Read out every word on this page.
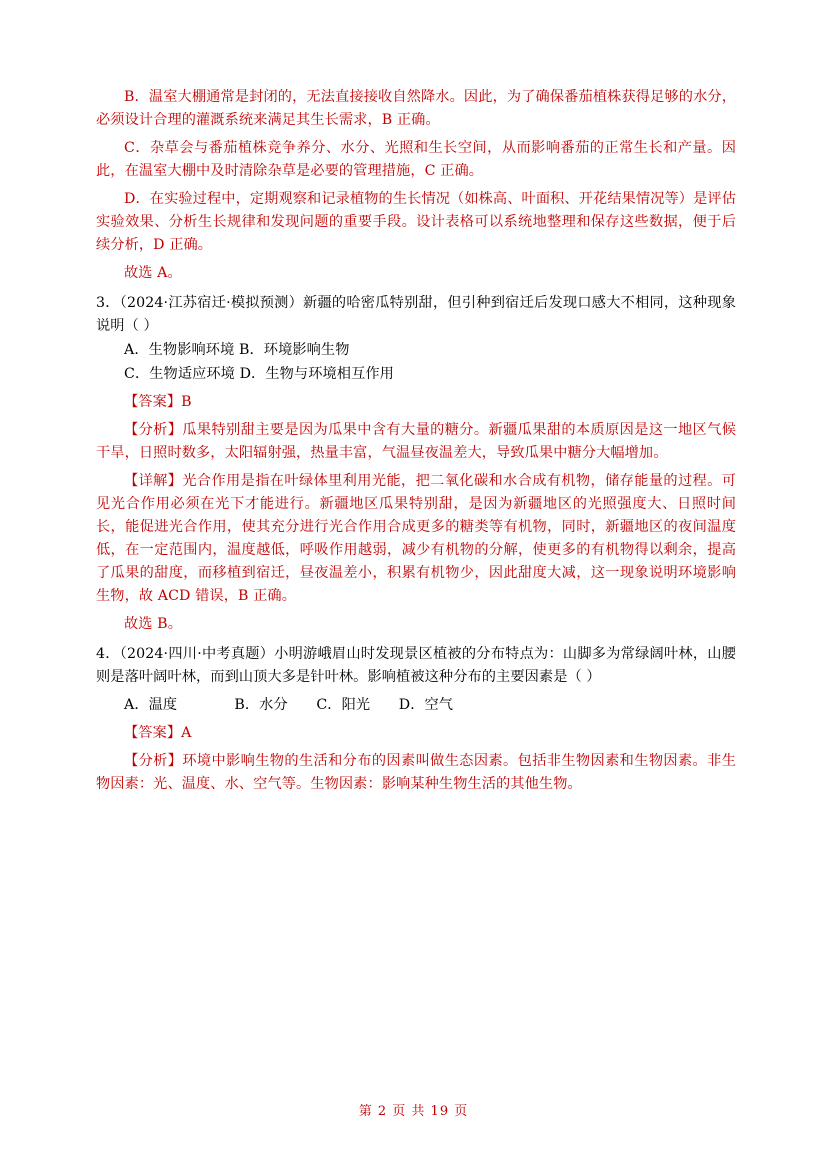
B．温室大棚通常是封闭的，无法直接接收自然降水。因此，为了确保番茄植株获得足够的水分，必须设计合理的灌溉系统来满足其生长需求，B 正确。

C．杂草会与番茄植株竞争养分、水分、光照和生长空间，从而影响番茄的正常生长和产量。因此，在温室大棚中及时清除杂草是必要的管理措施，C 正确。

D．在实验过程中，定期观察和记录植物的生长情况（如株高、叶面积、开花结果情况等）是评估实验效果、分析生长规律和发现问题的重要手段。设计表格可以系统地整理和保存这些数据，便于后续分析，D 正确。

故选 A。

3．（2024·江苏宿迁·模拟预测）新疆的哈密瓜特别甜，但引种到宿迁后发现口感大不相同，这种现象说明（ ）

A．生物影响环境 B．环境影响生物

C．生物适应环境 D．生物与环境相互作用

【答案】B

【分析】瓜果特别甜主要是因为瓜果中含有大量的糖分。新疆瓜果甜的本质原因是这一地区气候干旱，日照时数多，太阳辐射强，热量丰富，气温昼夜温差大，导致瓜果中糖分大幅增加。

【详解】光合作用是指在叶绿体里利用光能，把二氧化碳和水合成有机物，储存能量的过程。可见光合作用必须在光下才能进行。新疆地区瓜果特别甜，是因为新疆地区的光照强度大、日照时间长，能促进光合作用，使其充分进行光合作用合成更多的糖类等有机物，同时，新疆地区的夜间温度低，在一定范围内，温度越低，呼吸作用越弱，减少有机物的分解，使更多的有机物得以剩余，提高了瓜果的甜度，而移植到宿迁，昼夜温差小，积累有机物少，因此甜度大减，这一现象说明环境影响生物，故 ACD 错误，B 正确。

故选 B。

4．（2024·四川·中考真题）小明游峨眉山时发现景区植被的分布特点为：山脚多为常绿阔叶林，山腰则是落叶阔叶林，而到山顶大多是针叶林。影响植被这种分布的主要因素是（ ）

A．温度　　　　B．水分　　C．阳光　　D．空气

【答案】A

【分析】环境中影响生物的生活和分布的因素叫做生态因素。包括非生物因素和生物因素。非生物因素：光、温度、水、空气等。生物因素：影响某种生物生活的其他生物。

第 2 页 共 19 页
